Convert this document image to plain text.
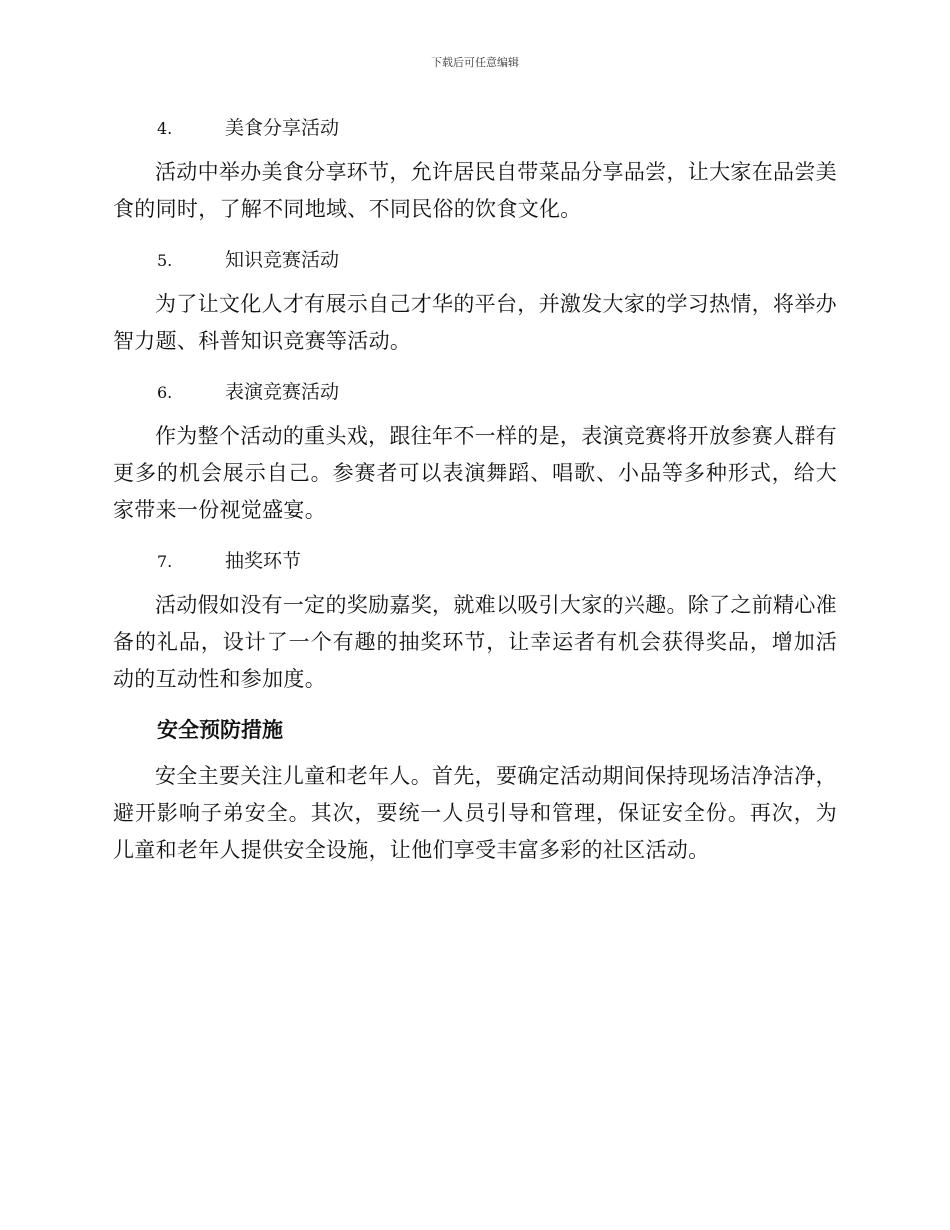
下载后可任意编辑
4.	美食分享活动

活动中举办美食分享环节，允许居民自带菜品分享品尝，让大家在品尝美食的同时，了解不同地域、不同民俗的饮食文化。

5.	知识竞赛活动

为了让文化人才有展示自己才华的平台，并激发大家的学习热情，将举办智力题、科普知识竞赛等活动。

6.	表演竞赛活动

作为整个活动的重头戏，跟往年不一样的是，表演竞赛将开放参赛人群有更多的机会展示自己。参赛者可以表演舞蹈、唱歌、小品等多种形式，给大家带来一份视觉盛宴。

7.	抽奖环节

活动假如没有一定的奖励嘉奖，就难以吸引大家的兴趣。除了之前精心准备的礼品，设计了一个有趣的抽奖环节，让幸运者有机会获得奖品，增加活动的互动性和参加度。

安全预防措施

安全主要关注儿童和老年人。首先，要确定活动期间保持现场洁净洁净，避开影响子弟安全。其次，要统一人员引导和管理，保证安全份。再次，为儿童和老年人提供安全设施，让他们享受丰富多彩的社区活动。
